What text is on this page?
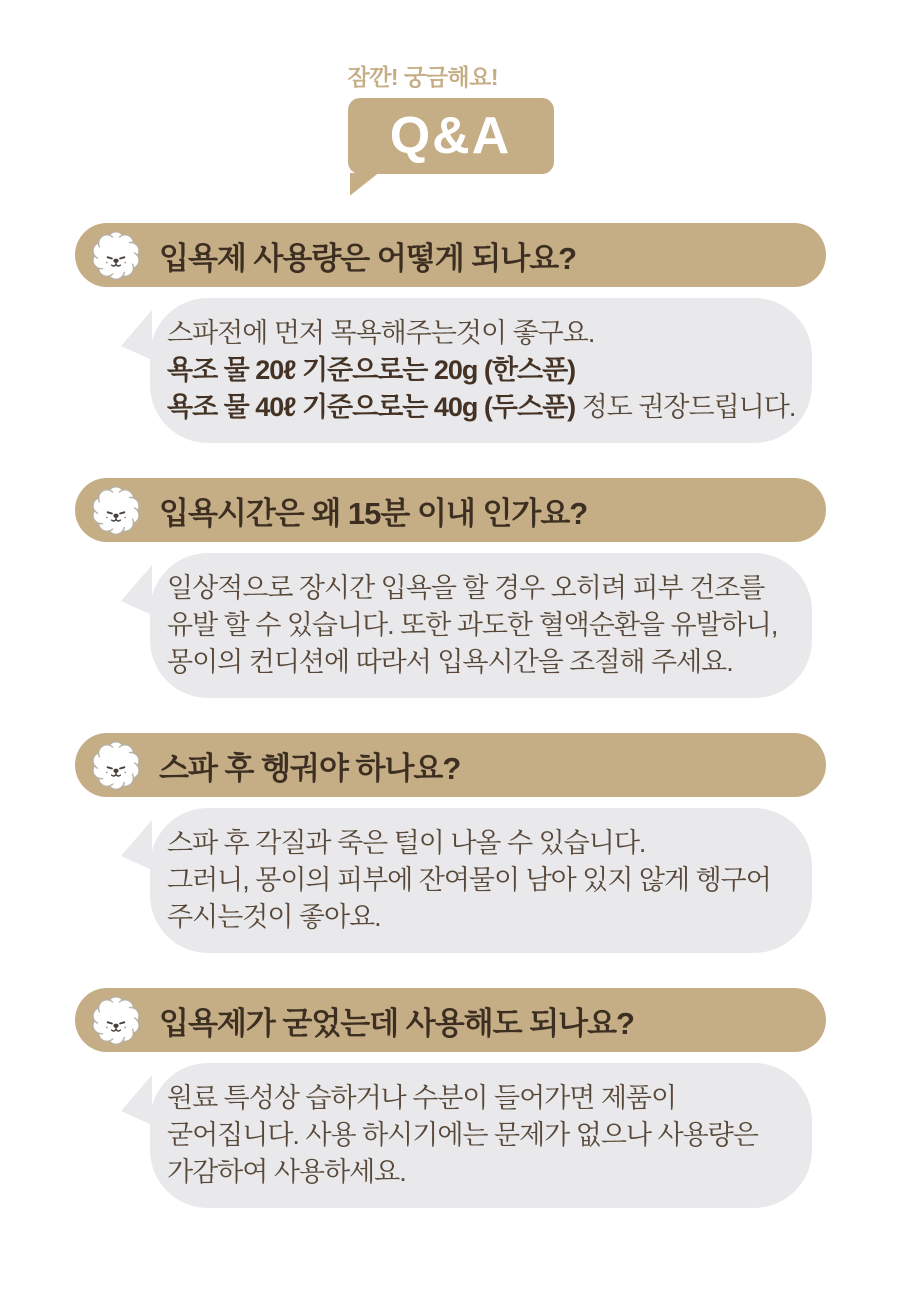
잠깐! 궁금해요!
Q&A
입욕제 사용량은 어떻게 되나요?
스파전에 먼저 목욕해주는것이 좋구요.
욕조 물 20ℓ 기준으로는 20g (한스푼)
욕조 물 40ℓ 기준으로는 40g (두스푼) 정도 권장드립니다.
입욕시간은 왜 15분 이내 인가요?
일상적으로 장시간 입욕을 할 경우 오히려 피부 건조를
유발 할 수 있습니다. 또한 과도한 혈액순환을 유발하니,
몽이의 컨디션에 따라서 입욕시간을 조절해 주세요.
스파 후 헹궈야 하나요?
스파 후 각질과 죽은 털이 나올 수 있습니다.
그러니, 몽이의 피부에 잔여물이 남아 있지 않게 헹구어
주시는것이 좋아요.
입욕제가 굳었는데 사용해도 되나요?
원료 특성상 습하거나 수분이 들어가면 제품이
굳어집니다. 사용 하시기에는 문제가 없으나 사용량은
가감하여 사용하세요.
